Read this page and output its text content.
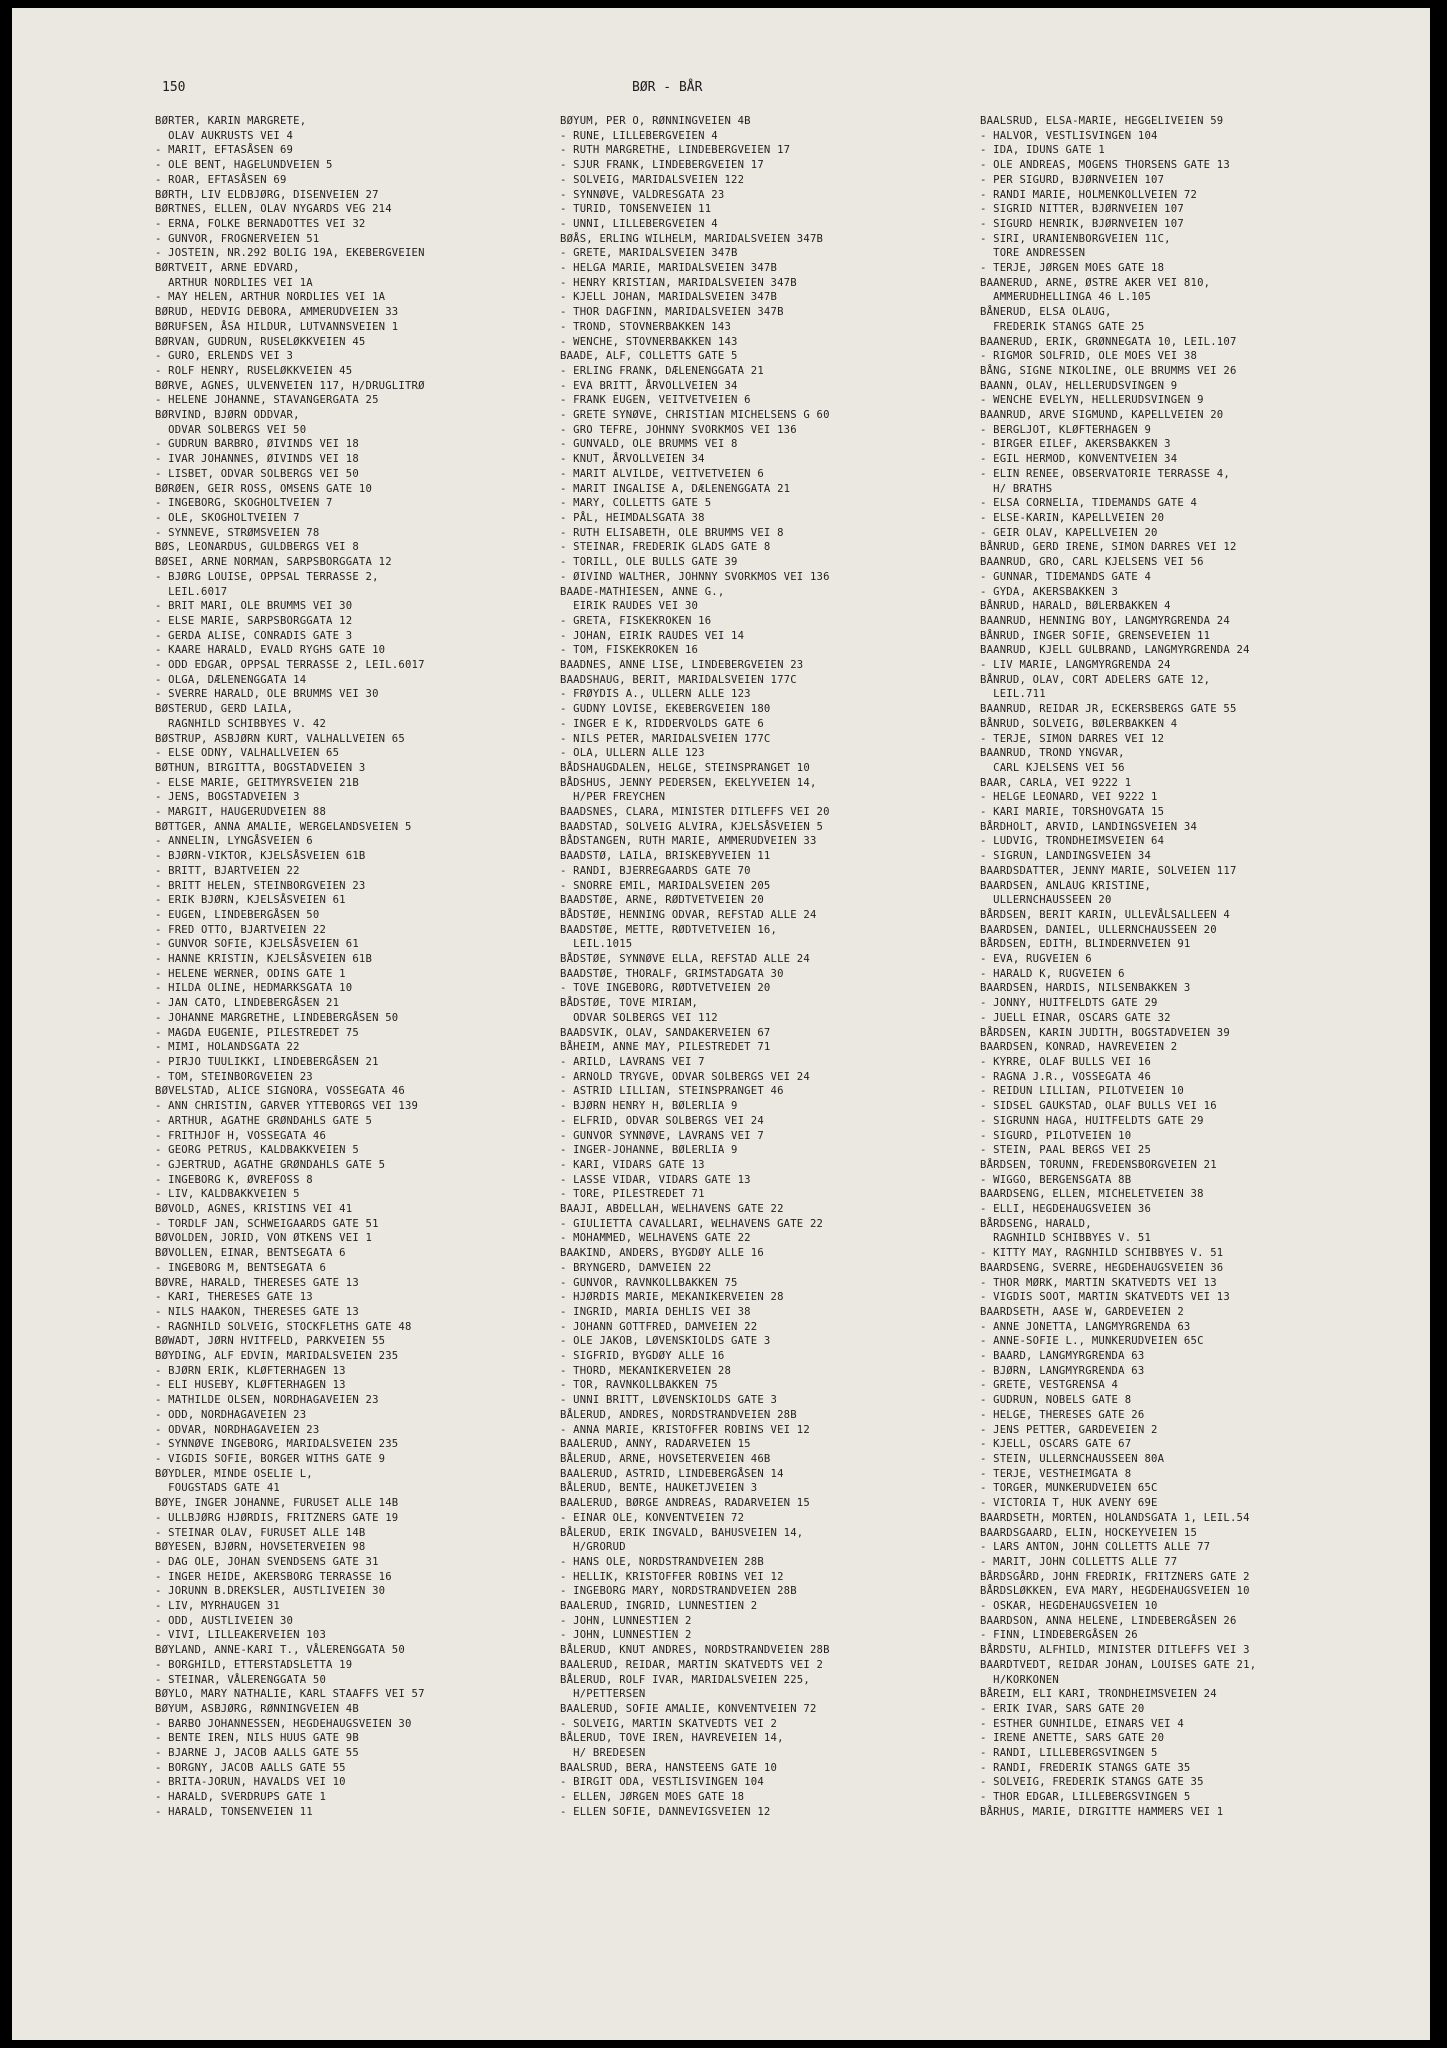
150	BØR - BÅR
BØRTER, KARIN MARGRETE,
OLAV AUKRUSTS VEI 4
- MARIT, EFTASÅSEN 69
- OLE BENT, HAGELUNDVEIEN 5
- ROAR, EFTASÅSEN 69
BØRTH, LIV ELDBJØRG, DISENVEIEN 27
BØRTNES, ELLEN, OLAV NYGARDS VEG 214
- ERNA, FOLKE BERNADOTTES VEI 32
- GUNVOR, FROGNERVEIEN 51
- JOSTEIN, NR.292 BOLIG 19A, EKEBERGVEIEN
BØRTVEIT, ARNE EDVARD,
ARTHUR NORDLIES VEI 1A
- MAY HELEN, ARTHUR NORDLIES VEI 1A
BØRUD, HEDVIG DEBORA, AMMERUDVEIEN 33
BØRUFSEN, ÅSA HILDUR, LUTVANNSVEIEN 1
BØRVAN, GUDRUN, RUSELØKKVEIEN 45
- GURO, ERLENDS VEI 3
- ROLF HENRY, RUSELØKKVEIEN 45
BØRVE, AGNES, ULVENVEIEN 117, H/DRUGLITRØ
- HELENE JOHANNE, STAVANGERGATA 25
BØRVIND, BJØRN ODDVAR,
ODVAR SOLBERGS VEI 50
- GUDRUN BARBRO, ØIVINDS VEI 18
- IVAR JOHANNES, ØIVINDS VEI 18
- LISBET, ODVAR SOLBERGS VEI 50
BØRØEN, GEIR ROSS, OMSENS GATE 10
- INGEBORG, SKOGHOLTVEIEN 7
- OLE, SKOGHOLTVEIEN 7
- SYNNEVE, STRØMSVEIEN 78
BØS, LEONARDUS, GULDBERGS VEI 8
BØSEI, ARNE NORMAN, SARPSBORGGATA 12
- BJØRG LOUISE, OPPSAL TERRASSE 2,
LEIL.6017
- BRIT MARI, OLE BRUMMS VEI 30
- ELSE MARIE, SARPSBORGGATA 12
- GERDA ALISE, CONRADIS GATE 3
- KAARE HARALD, EVALD RYGHS GATE 10
- ODD EDGAR, OPPSAL TERRASSE 2, LEIL.6017
- OLGA, DÆLENENGGATA 14
- SVERRE HARALD, OLE BRUMMS VEI 30
BØSTERUD, GERD LAILA,
RAGNHILD SCHIBBYES V. 42
BØSTRUP, ASBJØRN KURT, VALHALLVEIEN 65
- ELSE ODNY, VALHALLVEIEN 65
BØTHUN, BIRGITTA, BOGSTADVEIEN 3
- ELSE MARIE, GEITMYRSVEIEN 21B
- JENS, BOGSTADVEIEN 3
- MARGIT, HAUGERUDVEIEN 88
BØTTGER, ANNA AMALIE, WERGELANDSVEIEN 5
- ANNELIN, LYNGÅSVEIEN 6
- BJØRN-VIKTOR, KJELSÅSVEIEN 61B
- BRITT, BJARTVEIEN 22
- BRITT HELEN, STEINBORGVEIEN 23
- ERIK BJØRN, KJELSÅSVEIEN 61
- EUGEN, LINDEBERGÅSEN 50
- FRED OTTO, BJARTVEIEN 22
- GUNVOR SOFIE, KJELSÅSVEIEN 61
- HANNE KRISTIN, KJELSÅSVEIEN 61B
- HELENE WERNER, ODINS GATE 1
- HILDA OLINE, HEDMARKSGATA 10
- JAN CATO, LINDEBERGÅSEN 21
- JOHANNE MARGRETHE, LINDEBERGÅSEN 50
- MAGDA EUGENIE, PILESTREDET 75
- MIMI, HOLANDSGATA 22
- PIRJO TUULIKKI, LINDEBERGÅSEN 21
- TOM, STEINBORGVEIEN 23
BØVELSTAD, ALICE SIGNORA, VOSSEGATA 46
- ANN CHRISTIN, GARVER YTTEBORGS VEI 139
- ARTHUR, AGATHE GRØNDAHLS GATE 5
- FRITHJOF H, VOSSEGATA 46
- GEORG PETRUS, KALDBAKKVEIEN 5
- GJERTRUD, AGATHE GRØNDAHLS GATE 5
- INGEBORG K, ØVREFOSS 8
- LIV, KALDBAKKVEIEN 5
BØVOLD, AGNES, KRISTINS VEI 41
- TORDLF JAN, SCHWEIGAARDS GATE 51
BØVOLDEN, JORID, VON ØTKENS VEI 1
BØVOLLEN, EINAR, BENTSEGATA 6
- INGEBORG M, BENTSEGATA 6
BØVRE, HARALD, THERESES GATE 13
- KARI, THERESES GATE 13
- NILS HAAKON, THERESES GATE 13
- RAGNHILD SOLVEIG, STOCKFLETHS GATE 48
BØWADT, JØRN HVITFELD, PARKVEIEN 55
BØYDING, ALF EDVIN, MARIDALSVEIEN 235
- BJØRN ERIK, KLØFTERHAGEN 13
- ELI HUSEBY, KLØFTERHAGEN 13
- MATHILDE OLSEN, NORDHAGAVEIEN 23
- ODD, NORDHAGAVEIEN 23
- ODVAR, NORDHAGAVEIEN 23
- SYNNØVE INGEBORG, MARIDALSVEIEN 235
- VIGDIS SOFIE, BORGER WITHS GATE 9
BØYDLER, MINDE OSELIE L,
FOUGSTADS GATE 41
BØYE, INGER JOHANNE, FURUSET ALLE 14B
- ULLBJØRG HJØRDIS, FRITZNERS GATE 19
- STEINAR OLAV, FURUSET ALLE 14B
BØYESEN, BJØRN, HOVSETERVEIEN 98
- DAG OLE, JOHAN SVENDSENS GATE 31
- INGER HEIDE, AKERSBORG TERRASSE 16
- JORUNN B.DREKSLER, AUSTLIVEIEN 30
- LIV, MYRHAUGEN 31
- ODD, AUSTLIVEIEN 30
- VIVI, LILLEAKERVEIEN 103
BØYLAND, ANNE-KARI T., VÅLERENGGATA 50
- BORGHILD, ETTERSTADSLETTA 19
- STEINAR, VÅLERENGGATA 50
BØYLO, MARY NATHALIE, KARL STAAFFS VEI 57
BØYUM, ASBJØRG, RØNNINGVEIEN 4B
- BARBO JOHANNESSEN, HEGDEHAUGSVEIEN 30
- BENTE IREN, NILS HUUS GATE 9B
- BJARNE J, JACOB AALLS GATE 55
- BORGNY, JACOB AALLS GATE 55
- BRITA-JORUN, HAVALDS VEI 10
- HARALD, SVERDRUPS GATE 1
- HARALD, TONSENVEIEN 11
BØYUM, PER O, RØNNINGVEIEN 4B
- RUNE, LILLEBERGVEIEN 4
- RUTH MARGRETHE, LINDEBERGVEIEN 17
- SJUR FRANK, LINDEBERGVEIEN 17
- SOLVEIG, MARIDALSVEIEN 122
- SYNNØVE, VALDRESGATA 23
- TURID, TONSENVEIEN 11
- UNNI, LILLEBERGVEIEN 4
BØÅS, ERLING WILHELM, MARIDALSVEIEN 347B
- GRETE, MARIDALSVEIEN 347B
- HELGA MARIE, MARIDALSVEIEN 347B
- HENRY KRISTIAN, MARIDALSVEIEN 347B
- KJELL JOHAN, MARIDALSVEIEN 347B
- THOR DAGFINN, MARIDALSVEIEN 347B
- TROND, STOVNERBAKKEN 143
- WENCHE, STOVNERBAKKEN 143
BAADE, ALF, COLLETTS GATE 5
- ERLING FRANK, DÆLENENGGATA 21
- EVA BRITT, ÅRVOLLVEIEN 34
- FRANK EUGEN, VEITVETVEIEN 6
- GRETE SYNØVE, CHRISTIAN MICHELSENS G 60
- GRO TEFRE, JOHNNY SVORKMOS VEI 136
- GUNVALD, OLE BRUMMS VEI 8
- KNUT, ÅRVOLLVEIEN 34
- MARIT ALVILDE, VEITVETVEIEN 6
- MARIT INGALISE A, DÆLENENGGATA 21
- MARY, COLLETTS GATE 5
- PÅL, HEIMDALSGATA 38
- RUTH ELISABETH, OLE BRUMMS VEI 8
- STEINAR, FREDERIK GLADS GATE 8
- TORILL, OLE BULLS GATE 39
- ØIVIND WALTHER, JOHNNY SVORKMOS VEI 136
BAADE-MATHIESEN, ANNE G.,
EIRIK RAUDES VEI 30
- GRETA, FISKEKROKEN 16
- JOHAN, EIRIK RAUDES VEI 14
- TOM, FISKEKROKEN 16
BAADNES, ANNE LISE, LINDEBERGVEIEN 23
BAADSHAUG, BERIT, MARIDALSVEIEN 177C
- FRØYDIS A., ULLERN ALLE 123
- GUDNY LOVISE, EKEBERGVEIEN 180
- INGER E K, RIDDERVOLDS GATE 6
- NILS PETER, MARIDALSVEIEN 177C
- OLA, ULLERN ALLE 123
BÅDSHAUGDALEN, HELGE, STEINSPRANGET 10
BÅDSHUS, JENNY PEDERSEN, EKELYVEIEN 14,
H/PER FREYCHEN
BAADSNES, CLARA, MINISTER DITLEFFS VEI 20
BAADSTAD, SOLVEIG ALVIRA, KJELSÅSVEIEN 5
BÅDSTANGEN, RUTH MARIE, AMMERUDVEIEN 33
BAADSTØ, LAILA, BRISKEBYVEIEN 11
- RANDI, BJERREGAARDS GATE 70
- SNORRE EMIL, MARIDALSVEIEN 205
BAADSTØE, ARNE, RØDTVETVEIEN 20
BÅDSTØE, HENNING ODVAR, REFSTAD ALLE 24
BAADSTØE, METTE, RØDTVETVEIEN 16,
LEIL.1015
BÅDSTØE, SYNNØVE ELLA, REFSTAD ALLE 24
BAADSTØE, THORALF, GRIMSTADGATA 30
- TOVE INGEBORG, RØDTVETVEIEN 20
BÅDSTØE, TOVE MIRIAM,
ODVAR SOLBERGS VEI 112
BAADSVIK, OLAV, SANDAKERVEIEN 67
BÅHEIM, ANNE MAY, PILESTREDET 71
- ARILD, LAVRANS VEI 7
- ARNOLD TRYGVE, ODVAR SOLBERGS VEI 24
- ASTRID LILLIAN, STEINSPRANGET 46
- BJØRN HENRY H, BØLERLIA 9
- ELFRID, ODVAR SOLBERGS VEI 24
- GUNVOR SYNNØVE, LAVRANS VEI 7
- INGER-JOHANNE, BØLERLIA 9
- KARI, VIDARS GATE 13
- LASSE VIDAR, VIDARS GATE 13
- TORE, PILESTREDET 71
BAAJI, ABDELLAH, WELHAVENS GATE 22
- GIULIETTA CAVALLARI, WELHAVENS GATE 22
- MOHAMMED, WELHAVENS GATE 22
BAAKIND, ANDERS, BYGDØY ALLE 16
- BRYNGERD, DAMVEIEN 22
- GUNVOR, RAVNKOLLBAKKEN 75
- HJØRDIS MARIE, MEKANIKERVEIEN 28
- INGRID, MARIA DEHLIS VEI 38
- JOHANN GOTTFRED, DAMVEIEN 22
- OLE JAKOB, LØVENSKIOLDS GATE 3
- SIGFRID, BYGDØY ALLE 16
- THORD, MEKANIKERVEIEN 28
- TOR, RAVNKOLLBAKKEN 75
- UNNI BRITT, LØVENSKIOLDS GATE 3
BÅLERUD, ANDRES, NORDSTRANDVEIEN 28B
- ANNA MARIE, KRISTOFFER ROBINS VEI 12
BAALERUD, ANNY, RADARVEIEN 15
BÅLERUD, ARNE, HOVSETERVEIEN 46B
BAALERUD, ASTRID, LINDEBERGÅSEN 14
BÅLERUD, BENTE, HAUKETJVEIEN 3
BAALERUD, BØRGE ANDREAS, RADARVEIEN 15
- EINAR OLE, KONVENTVEIEN 72
BÅLERUD, ERIK INGVALD, BAHUSVEIEN 14,
H/GRORUD
- HANS OLE, NORDSTRANDVEIEN 28B
- HELLIK, KRISTOFFER ROBINS VEI 12
- INGEBORG MARY, NORDSTRANDVEIEN 28B
BAALERUD, INGRID, LUNNESTIEN 2
- JOHN, LUNNESTIEN 2
- JOHN, LUNNESTIEN 2
BÅLERUD, KNUT ANDRES, NORDSTRANDVEIEN 28B
BAALERUD, REIDAR, MARTIN SKATVEDTS VEI 2
BÅLERUD, ROLF IVAR, MARIDALSVEIEN 225,
H/PETTERSEN
BAALERUD, SOFIE AMALIE, KONVENTVEIEN 72
- SOLVEIG, MARTIN SKATVEDTS VEI 2
BÅLERUD, TOVE IREN, HAVREVEIEN 14,
H/ BREDESEN
BAALSRUD, BERA, HANSTEENS GATE 10
- BIRGIT ODA, VESTLISVINGEN 104
- ELLEN, JØRGEN MOES GATE 18
- ELLEN SOFIE, DANNEVIGSVEIEN 12
BAALSRUD, ELSA-MARIE, HEGGELIVEIEN 59
- HALVOR, VESTLISVINGEN 104
- IDA, IDUNS GATE 1
- OLE ANDREAS, MOGENS THORSENS GATE 13
- PER SIGURD, BJØRNVEIEN 107
- RANDI MARIE, HOLMENKOLLVEIEN 72
- SIGRID NITTER, BJØRNVEIEN 107
- SIGURD HENRIK, BJØRNVEIEN 107
- SIRI, URANIENBORGVEIEN 11C,
TORE ANDRESSEN
- TERJE, JØRGEN MOES GATE 18
BAANERUD, ARNE, ØSTRE AKER VEI 810,
AMMERUDHELLINGA 46 L.105
BÅNERUD, ELSA OLAUG,
FREDERIK STANGS GATE 25
BAANERUD, ERIK, GRØNNEGATA 10, LEIL.107
- RIGMOR SOLFRID, OLE MOES VEI 38
BÅNG, SIGNE NIKOLINE, OLE BRUMMS VEI 26
BAANN, OLAV, HELLERUDSVINGEN 9
- WENCHE EVELYN, HELLERUDSVINGEN 9
BAANRUD, ARVE SIGMUND, KAPELLVEIEN 20
- BERGLJOT, KLØFTERHAGEN 9
- BIRGER EILEF, AKERSBAKKEN 3
- EGIL HERMOD, KONVENTVEIEN 34
- ELIN RENEE, OBSERVATORIE TERRASSE 4,
H/ BRATHS
- ELSA CORNELIA, TIDEMANDS GATE 4
- ELSE-KARIN, KAPELLVEIEN 20
- GEIR OLAV, KAPELLVEIEN 20
BÅNRUD, GERD IRENE, SIMON DARRES VEI 12
BAANRUD, GRO, CARL KJELSENS VEI 56
- GUNNAR, TIDEMANDS GATE 4
- GYDA, AKERSBAKKEN 3
BÅNRUD, HARALD, BØLERBAKKEN 4
BAANRUD, HENNING BOY, LANGMYRGRENDA 24
BÅNRUD, INGER SOFIE, GRENSEVEIEN 11
BAANRUD, KJELL GULBRAND, LANGMYRGRENDA 24
- LIV MARIE, LANGMYRGRENDA 24
BÅNRUD, OLAV, CORT ADELERS GATE 12,
LEIL.711
BAANRUD, REIDAR JR, ECKERSBERGS GATE 55
BÅNRUD, SOLVEIG, BØLERBAKKEN 4
- TERJE, SIMON DARRES VEI 12
BAANRUD, TROND YNGVAR,
CARL KJELSENS VEI 56
BAAR, CARLA, VEI 9222 1
- HELGE LEONARD, VEI 9222 1
- KARI MARIE, TORSHOVGATA 15
BÅRDHOLT, ARVID, LANDINGSVEIEN 34
- LUDVIG, TRONDHEIMSVEIEN 64
- SIGRUN, LANDINGSVEIEN 34
BAARDSDATTER, JENNY MARIE, SOLVEIEN 117
BAARDSEN, ANLAUG KRISTINE,
ULLERNCHAUSSEEN 20
BÅRDSEN, BERIT KARIN, ULLEVÅLSALLEEN 4
BAARDSEN, DANIEL, ULLERNCHAUSSEEN 20
BÅRDSEN, EDITH, BLINDERNVEIEN 91
- EVA, RUGVEIEN 6
- HARALD K, RUGVEIEN 6
BAARDSEN, HARDIS, NILSENBAKKEN 3
- JONNY, HUITFELDTS GATE 29
- JUELL EINAR, OSCARS GATE 32
BÅRDSEN, KARIN JUDITH, BOGSTADVEIEN 39
BAARDSEN, KONRAD, HAVREVEIEN 2
- KYRRE, OLAF BULLS VEI 16
- RAGNA J.R., VOSSEGATA 46
- REIDUN LILLIAN, PILOTVEIEN 10
- SIDSEL GAUKSTAD, OLAF BULLS VEI 16
- SIGRUNN HAGA, HUITFELDTS GATE 29
- SIGURD, PILOTVEIEN 10
- STEIN, PAAL BERGS VEI 25
BÅRDSEN, TORUNN, FREDENSBORGVEIEN 21
- WIGGO, BERGENSGATA 8B
BAARDSENG, ELLEN, MICHELETVEIEN 38
- ELLI, HEGDEHAUGSVEIEN 36
BÅRDSENG, HARALD,
RAGNHILD SCHIBBYES V. 51
- KITTY MAY, RAGNHILD SCHIBBYES V. 51
BAARDSENG, SVERRE, HEGDEHAUGSVEIEN 36
- THOR MØRK, MARTIN SKATVEDTS VEI 13
- VIGDIS SOOT, MARTIN SKATVEDTS VEI 13
BAARDSETH, AASE W, GARDEVEIEN 2
- ANNE JONETTA, LANGMYRGRENDA 63
- ANNE-SOFIE L., MUNKERUDVEIEN 65C
- BAARD, LANGMYRGRENDA 63
- BJØRN, LANGMYRGRENDA 63
- GRETE, VESTGRENSA 4
- GUDRUN, NOBELS GATE 8
- HELGE, THERESES GATE 26
- JENS PETTER, GARDEVEIEN 2
- KJELL, OSCARS GATE 67
- STEIN, ULLERNCHAUSSEEN 80A
- TERJE, VESTHEIMGATA 8
- TORGER, MUNKERUDVEIEN 65C
- VICTORIA T, HUK AVENY 69E
BAARDSETH, MORTEN, HOLANDSGATA 1, LEIL.54
BAARDSGAARD, ELIN, HOCKEYVEIEN 15
- LARS ANTON, JOHN COLLETTS ALLE 77
- MARIT, JOHN COLLETTS ALLE 77
BÅRDSGÅRD, JOHN FREDRIK, FRITZNERS GATE 2
BÅRDSLØKKEN, EVA MARY, HEGDEHAUGSVEIEN 10
- OSKAR, HEGDEHAUGSVEIEN 10
BAARDSON, ANNA HELENE, LINDEBERGÅSEN 26
- FINN, LINDEBERGÅSEN 26
BÅRDSTU, ALFHILD, MINISTER DITLEFFS VEI 3
BAARDTVEDT, REIDAR JOHAN, LOUISES GATE 21,
H/KORKONEN
BÅREIM, ELI KARI, TRONDHEIMSVEIEN 24
- ERIK IVAR, SARS GATE 20
- ESTHER GUNHILDE, EINARS VEI 4
- IRENE ANETTE, SARS GATE 20
- RANDI, LILLEBERGSVINGEN 5
- RANDI, FREDERIK STANGS GATE 35
- SOLVEIG, FREDERIK STANGS GATE 35
- THOR EDGAR, LILLEBERGSVINGEN 5
BÅRHUS, MARIE, DIRGITTE HAMMERS VEI 1
